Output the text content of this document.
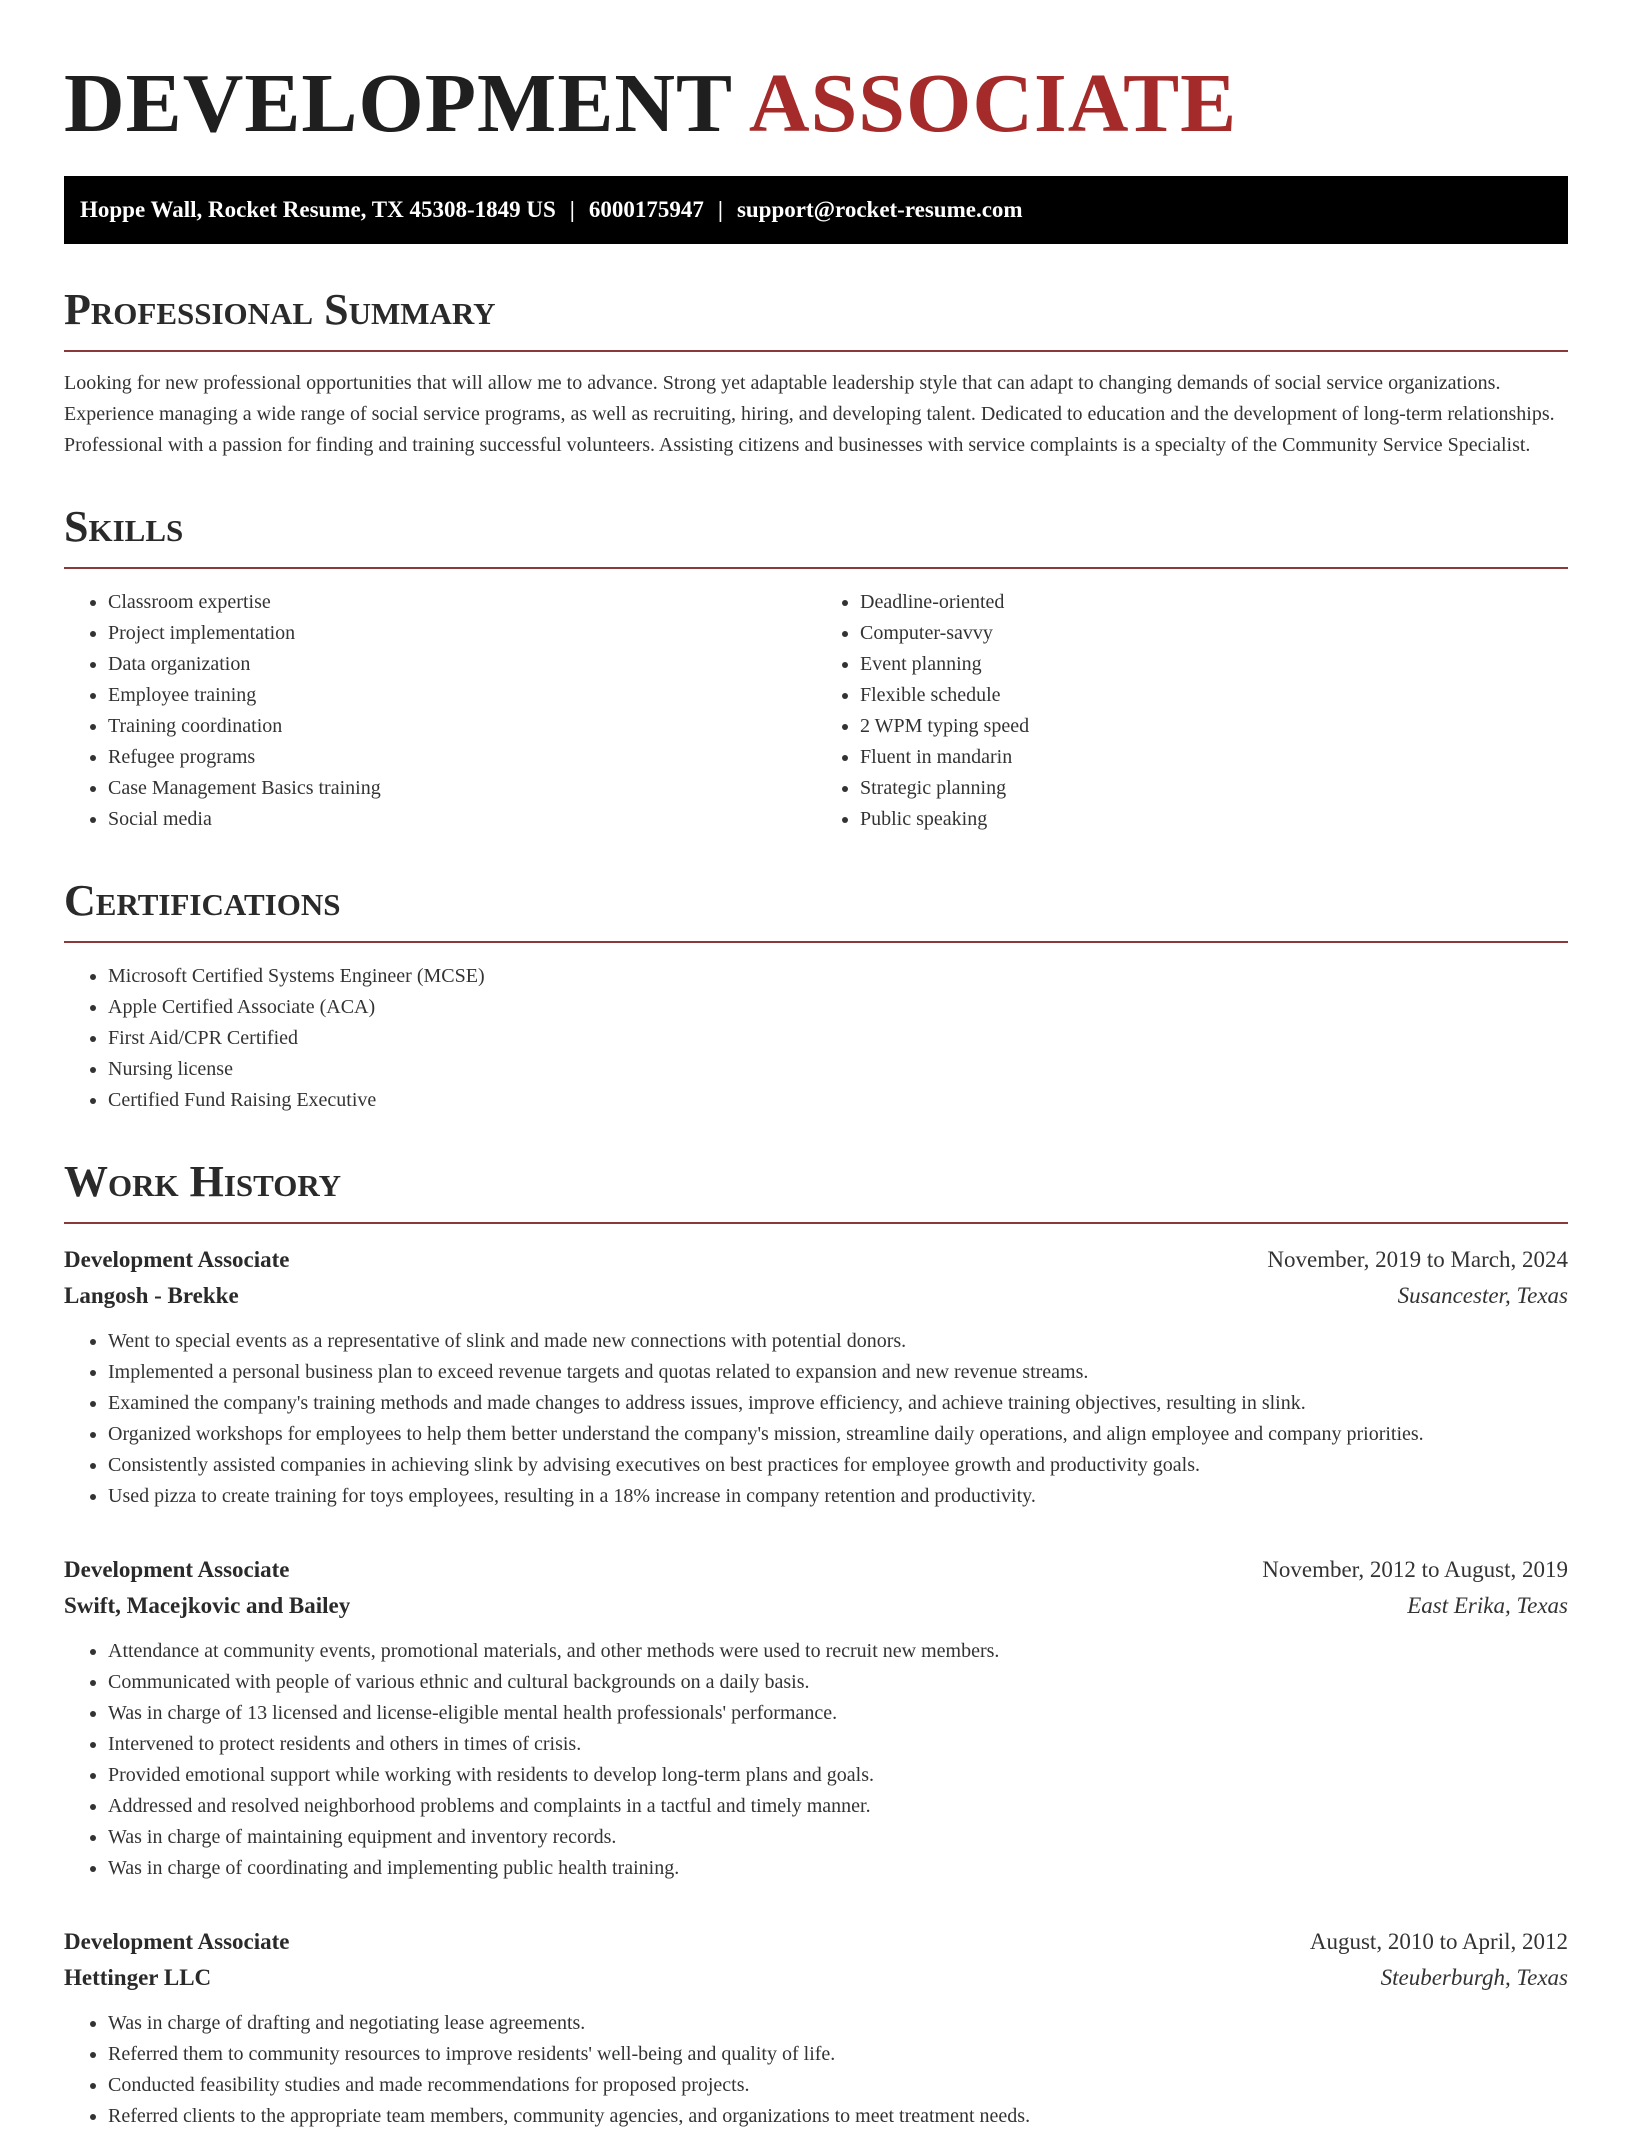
DEVELOPMENT ASSOCIATE
Hoppe Wall, Rocket Resume, TX 45308-1849 US | 6000175947 | support@rocket-resume.com
Professional Summary

Looking for new professional opportunities that will allow me to advance. Strong yet adaptable leadership style that can adapt to changing demands of social service organizations. Experience managing a wide range of social service programs, as well as recruiting, hiring, and developing talent. Dedicated to education and the development of long-term relationships. Professional with a passion for finding and training successful volunteers. Assisting citizens and businesses with service complaints is a specialty of the Community Service Specialist.

Skills
• Classroom expertise
• Project implementation
• Data organization
• Employee training
• Training coordination
• Refugee programs
• Case Management Basics training
• Social media
• Deadline-oriented
• Computer-savvy
• Event planning
• Flexible schedule
• 2 WPM typing speed
• Fluent in mandarin
• Strategic planning
• Public speaking
Certifications
• Microsoft Certified Systems Engineer (MCSE)
• Apple Certified Associate (ACA)
• First Aid/CPR Certified
• Nursing license
• Certified Fund Raising Executive
Work History
Development Associate	November, 2019 to March, 2024
Langosh - Brekke	Susancester, Texas
• Went to special events as a representative of slink and made new connections with potential donors.
• Implemented a personal business plan to exceed revenue targets and quotas related to expansion and new revenue streams.
• Examined the company's training methods and made changes to address issues, improve efficiency, and achieve training objectives, resulting in slink.
• Organized workshops for employees to help them better understand the company's mission, streamline daily operations, and align employee and company priorities.
• Consistently assisted companies in achieving slink by advising executives on best practices for employee growth and productivity goals.
• Used pizza to create training for toys employees, resulting in a 18% increase in company retention and productivity.
Development Associate	November, 2012 to August, 2019
Swift, Macejkovic and Bailey	East Erika, Texas
• Attendance at community events, promotional materials, and other methods were used to recruit new members.
• Communicated with people of various ethnic and cultural backgrounds on a daily basis.
• Was in charge of 13 licensed and license-eligible mental health professionals' performance.
• Intervened to protect residents and others in times of crisis.
• Provided emotional support while working with residents to develop long-term plans and goals.
• Addressed and resolved neighborhood problems and complaints in a tactful and timely manner.
• Was in charge of maintaining equipment and inventory records.
• Was in charge of coordinating and implementing public health training.
Development Associate	August, 2010 to April, 2012
Hettinger LLC	Steuberburgh, Texas
• Was in charge of drafting and negotiating lease agreements.
• Referred them to community resources to improve residents' well-being and quality of life.
• Conducted feasibility studies and made recommendations for proposed projects.
• Referred clients to the appropriate team members, community agencies, and organizations to meet treatment needs.
